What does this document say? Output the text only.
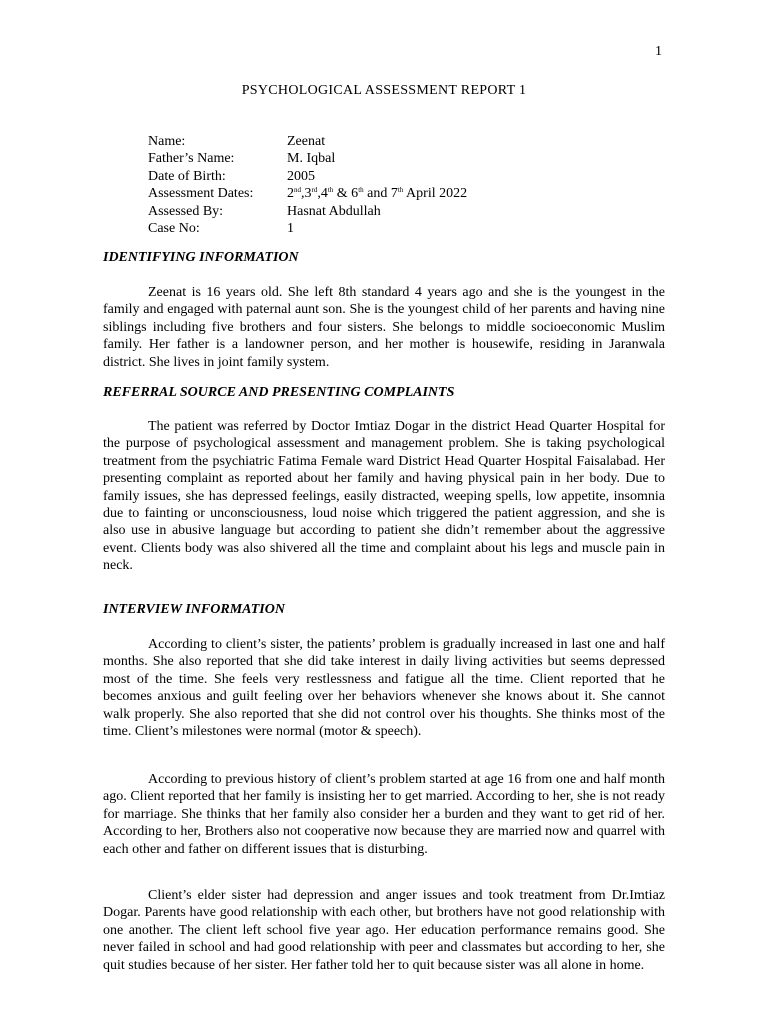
1
PSYCHOLOGICAL ASSESSMENT REPORT 1
Name:	Zeenat
Father’s Name:	M. Iqbal
Date of Birth:	2005
Assessment Dates:	2nd,3rd,4th & 6th and 7th April 2022
Assessed By:	Hasnat Abdullah
Case No:	1
IDENTIFYING INFORMATION

Zeenat is 16 years old. She left 8th standard 4 years ago and she is the youngest in the family and engaged with paternal aunt son. She is the youngest child of her parents and having nine siblings including five brothers and four sisters. She belongs to middle socioeconomic Muslim family. Her father is a landowner person, and her mother is housewife, residing in Jaranwala district. She lives in joint family system.

REFERRAL SOURCE AND PRESENTING COMPLAINTS

The patient was referred by Doctor Imtiaz Dogar in the district Head Quarter Hospital for the purpose of psychological assessment and management problem. She is taking psychological treatment from the psychiatric Fatima Female ward District Head Quarter Hospital Faisalabad. Her presenting complaint as reported about her family and having physical pain in her body. Due to family issues, she has depressed feelings, easily distracted, weeping spells, low appetite, insomnia due to fainting or unconsciousness, loud noise which triggered the patient aggression, and she is also use in abusive language but according to patient she didn’t remember about the aggressive event. Clients body was also shivered all the time and complaint about his legs and muscle pain in neck.

INTERVIEW INFORMATION

According to client’s sister, the patients’ problem is gradually increased in last one and half months. She also reported that she did take interest in daily living activities but seems depressed most of the time. She feels very restlessness and fatigue all the time. Client reported that he becomes anxious and guilt feeling over her behaviors whenever she knows about it. She cannot walk properly. She also reported that she did not control over his thoughts. She thinks most of the time. Client’s milestones were normal (motor & speech).

According to previous history of client’s problem started at age 16 from one and half month ago. Client reported that her family is insisting her to get married. According to her, she is not ready for marriage. She thinks that her family also consider her a burden and they want to get rid of her. According to her, Brothers also not cooperative now because they are married now and quarrel with each other and father on different issues that is disturbing.

Client’s elder sister had depression and anger issues and took treatment from Dr.Imtiaz Dogar. Parents have good relationship with each other, but brothers have not good relationship with one another. The client left school five year ago. Her education performance remains good. She never failed in school and had good relationship with peer and classmates but according to her, she quit studies because of her sister. Her father told her to quit because sister was all alone in home.
